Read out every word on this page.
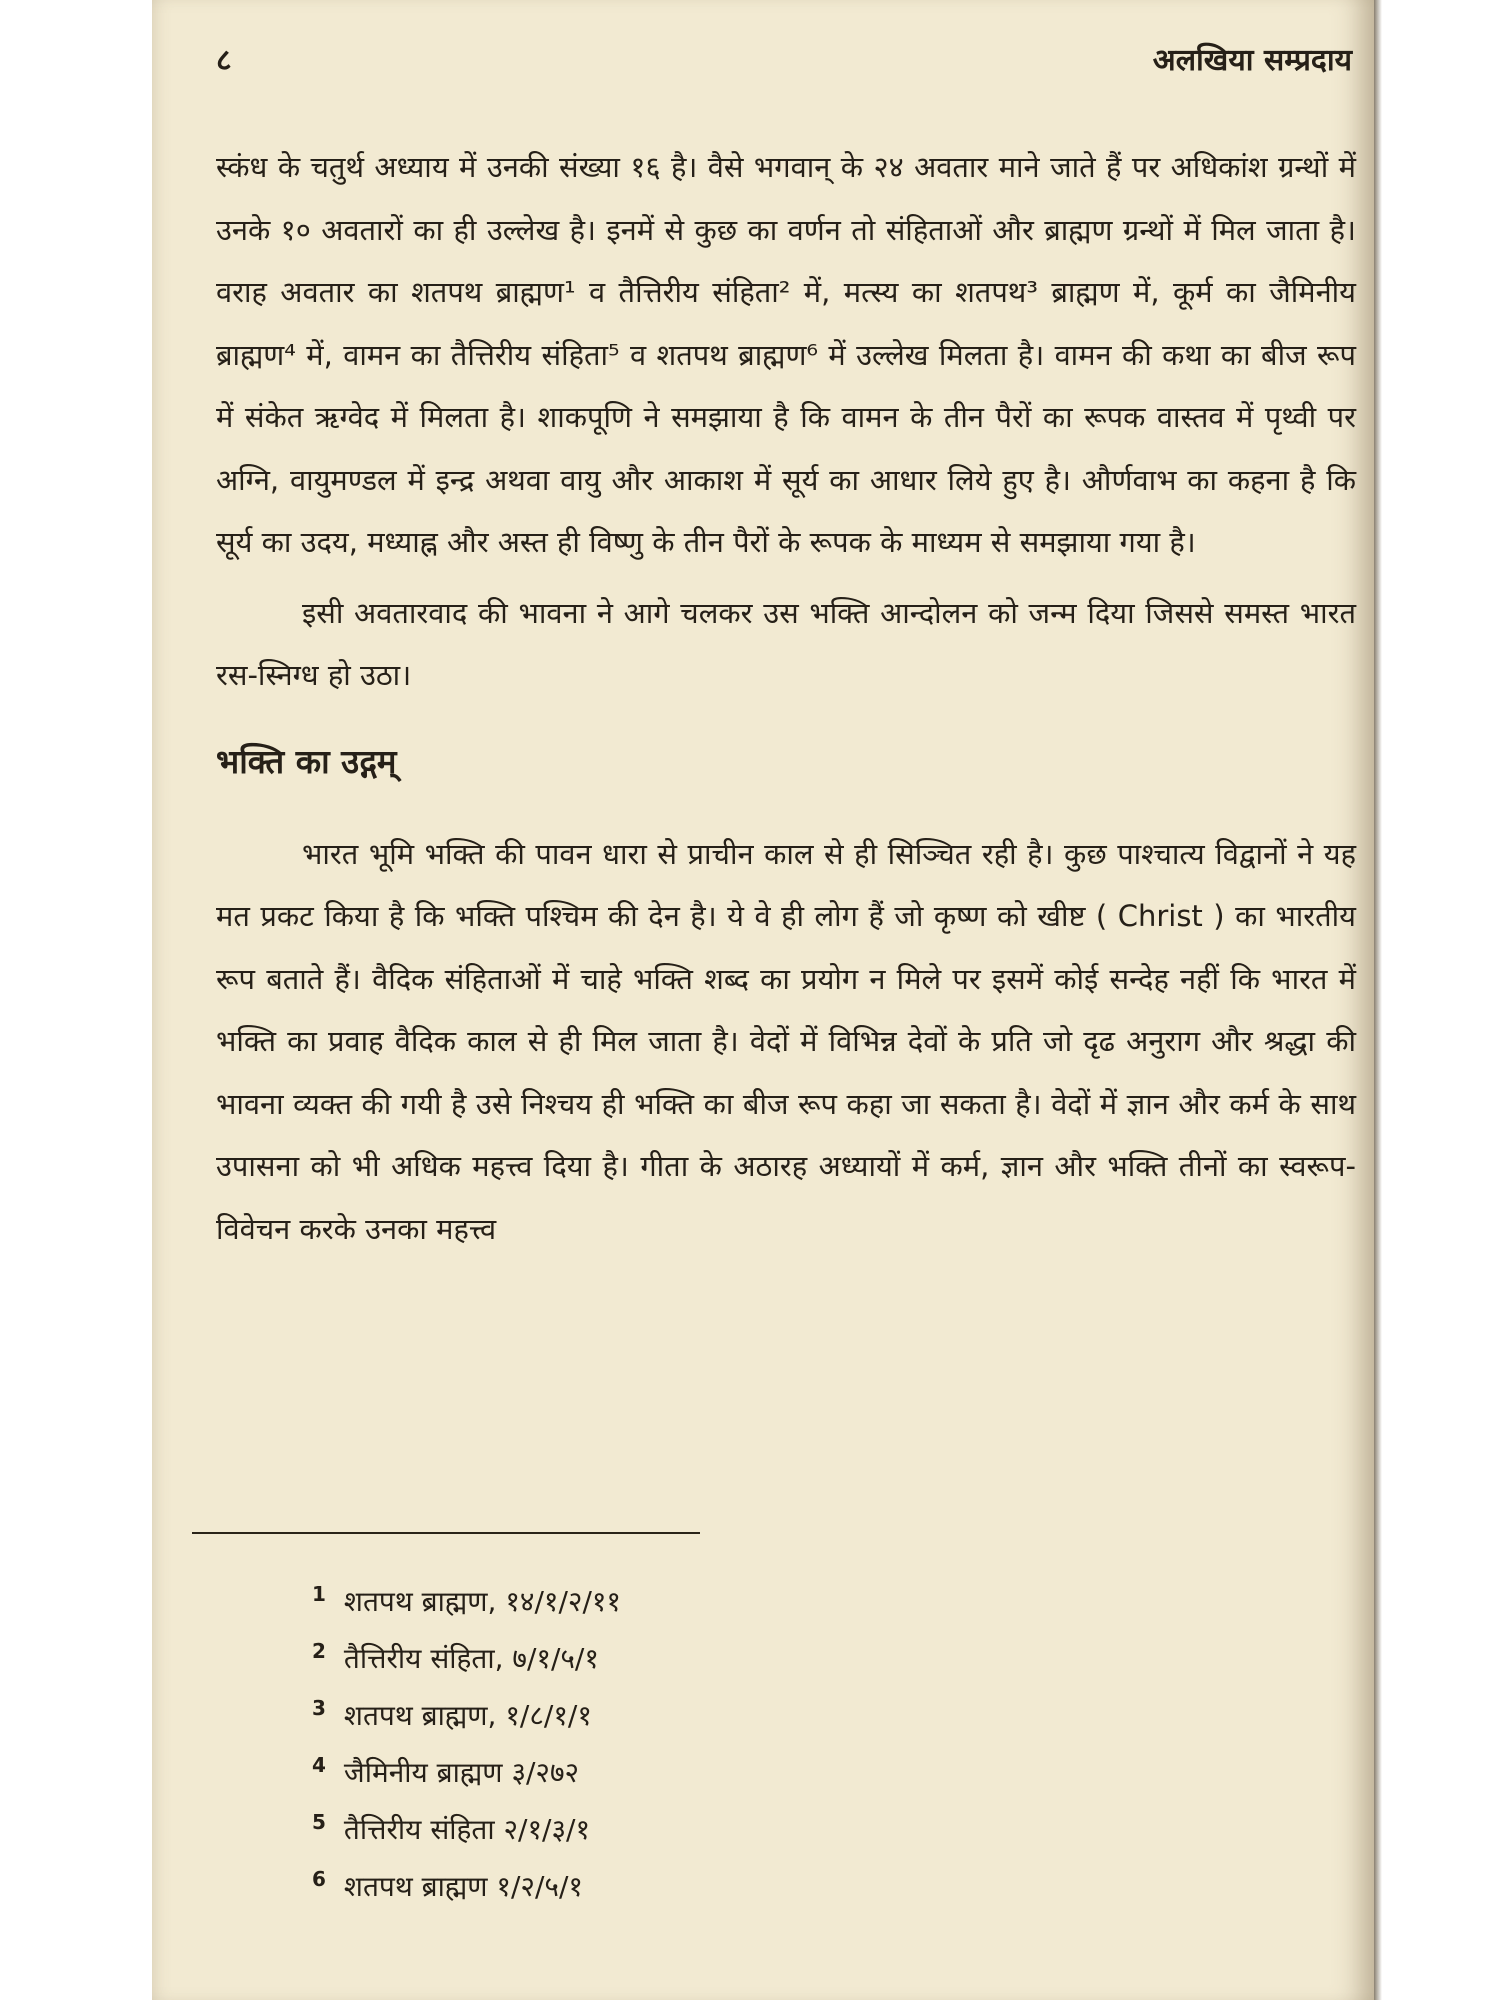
८	अलखिया सम्प्रदाय

स्कंध के चतुर्थ अध्याय में उनकी संख्या १६ है। वैसे भगवान् के २४ अवतार माने जाते हैं पर अधिकांश ग्रन्थों में उनके १० अवतारों का ही उल्लेख है। इनमें से कुछ का वर्णन तो संहिताओं और ब्राह्मण ग्रन्थों में मिल जाता है। वराह अवतार का शतपथ ब्राह्मण¹ व तैत्तिरीय संहिता² में, मत्स्य का शतपथ³ ब्राह्मण में, कूर्म का जैमिनीय ब्राह्मण⁴ में, वामन का तैत्तिरीय संहिता⁵ व शतपथ ब्राह्मण⁶ में उल्लेख मिलता है। वामन की कथा का बीज रूप में संकेत ऋग्वेद में मिलता है। शाकपूणि ने समझाया है कि वामन के तीन पैरों का रूपक वास्तव में पृथ्वी पर अग्नि, वायुमण्डल में इन्द्र अथवा वायु और आकाश में सूर्य का आधार लिये हुए है। और्णवाभ का कहना है कि सूर्य का उदय, मध्याह्न और अस्त ही विष्णु के तीन पैरों के रूपक के माध्यम से समझाया गया है।

इसी अवतारवाद की भावना ने आगे चलकर उस भक्ति आन्दोलन को जन्म दिया जिससे समस्त भारत रस-स्निग्ध हो उठा।

भक्ति का उद्गम्

भारत भूमि भक्ति की पावन धारा से प्राचीन काल से ही सिञ्चित रही है। कुछ पाश्चात्य विद्वानों ने यह मत प्रकट किया है कि भक्ति पश्चिम की देन है। ये वे ही लोग हैं जो कृष्ण को खीष्ट ( Christ ) का भारतीय रूप बताते हैं। वैदिक संहिताओं में चाहे भक्ति शब्द का प्रयोग न मिले पर इसमें कोई सन्देह नहीं कि भारत में भक्ति का प्रवाह वैदिक काल से ही मिल जाता है। वेदों में विभिन्न देवों के प्रति जो दृढ अनुराग और श्रद्धा की भावना व्यक्त की गयी है उसे निश्चय ही भक्ति का बीज रूप कहा जा सकता है। वेदों में ज्ञान और कर्म के साथ उपासना को भी अधिक महत्त्व दिया है। गीता के अठारह अध्यायों में कर्म, ज्ञान और भक्ति तीनों का स्वरूप-विवेचन करके उनका महत्त्व

$^1$ शतपथ ब्राह्मण, १४/१/२/११
$^2$ तैत्तिरीय संहिता, ७/१/५/१
$^3$ शतपथ ब्राह्मण, १/८/१/१
$^4$ जैमिनीय ब्राह्मण ३/२७२
$^5$ तैत्तिरीय संहिता २/१/३/१
$^6$ शतपथ ब्राह्मण १/२/५/१
